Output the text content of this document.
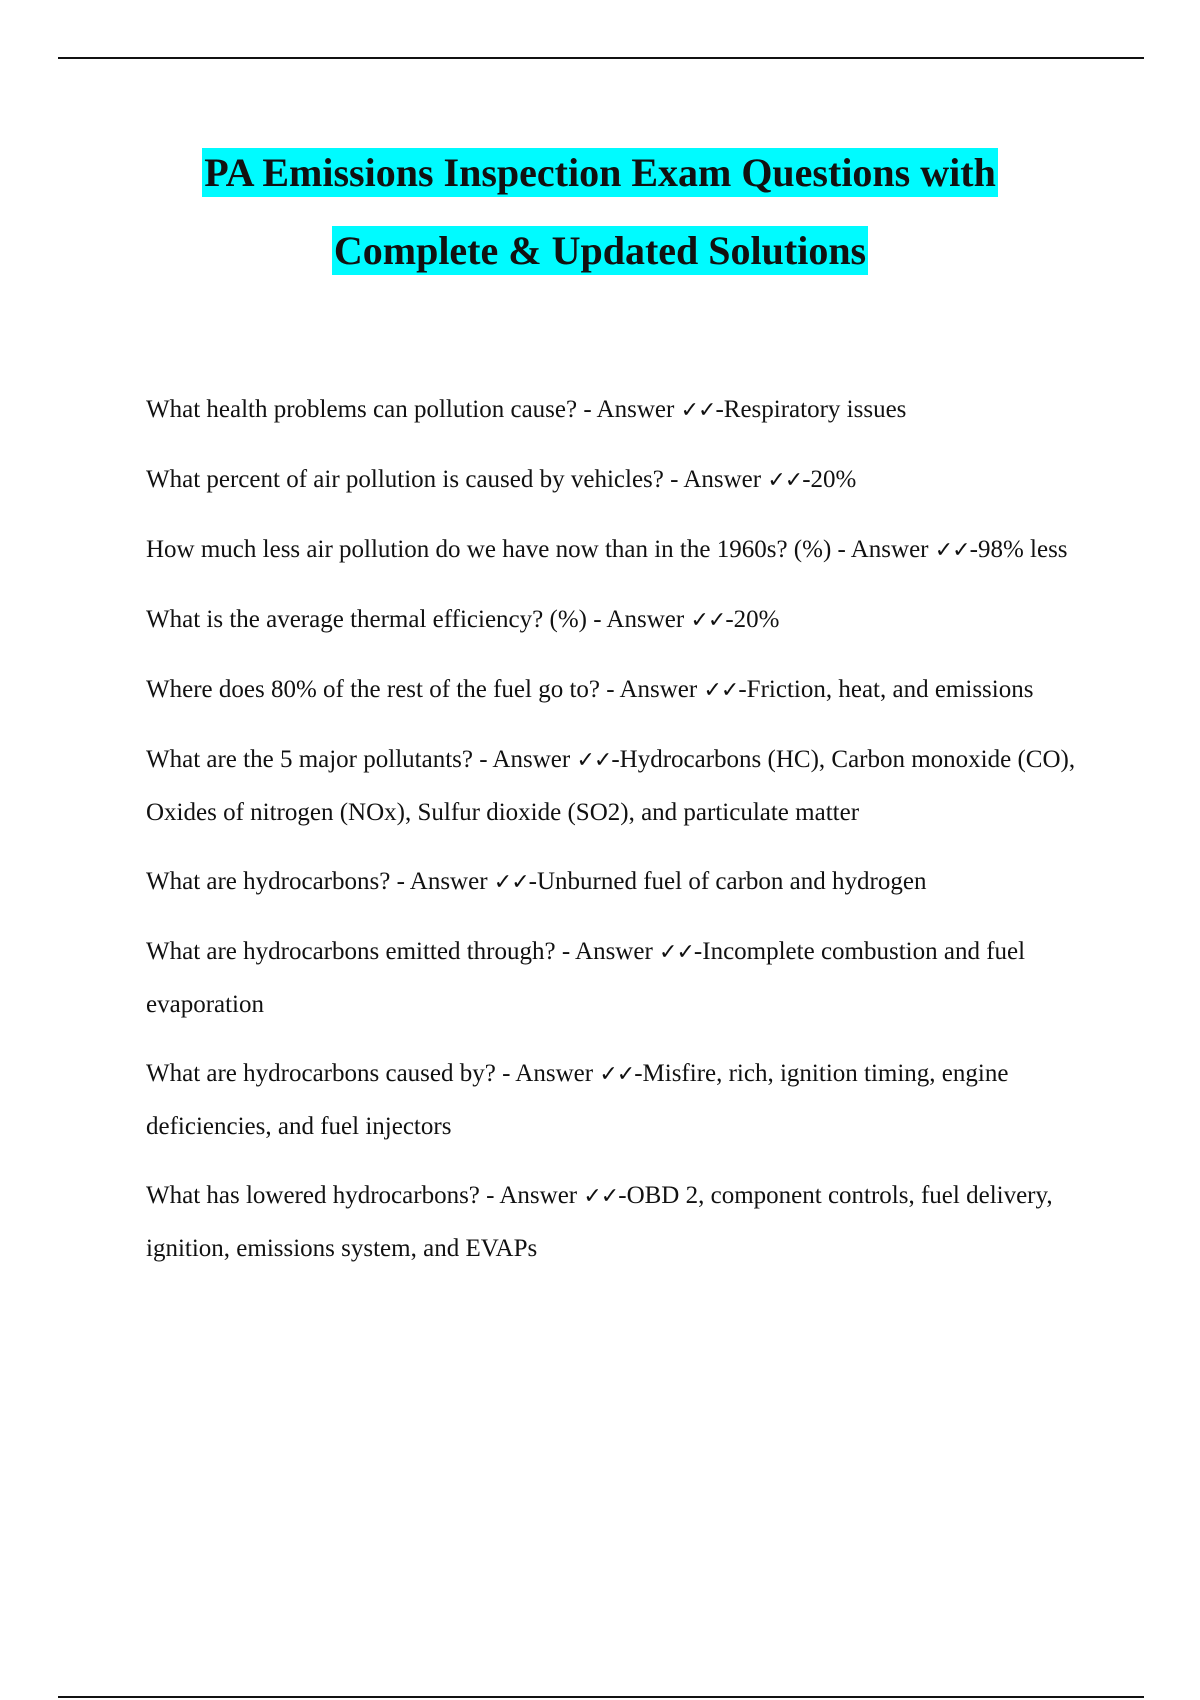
PA Emissions Inspection Exam Questions with
Complete & Updated Solutions
What health problems can pollution cause? - Answer ✓✓-Respiratory issues
What percent of air pollution is caused by vehicles? - Answer ✓✓-20%
How much less air pollution do we have now than in the 1960s? (%) - Answer ✓✓-98% less
What is the average thermal efficiency? (%) - Answer ✓✓-20%
Where does 80% of the rest of the fuel go to? - Answer ✓✓-Friction, heat, and emissions
What are the 5 major pollutants? - Answer ✓✓-Hydrocarbons (HC), Carbon monoxide (CO), Oxides of nitrogen (NOx), Sulfur dioxide (SO2), and particulate matter
What are hydrocarbons? - Answer ✓✓-Unburned fuel of carbon and hydrogen
What are hydrocarbons emitted through? - Answer ✓✓-Incomplete combustion and fuel evaporation
What are hydrocarbons caused by? - Answer ✓✓-Misfire, rich, ignition timing, engine deficiencies, and fuel injectors
What has lowered hydrocarbons? - Answer ✓✓-OBD 2, component controls, fuel delivery, ignition, emissions system, and EVAPs
